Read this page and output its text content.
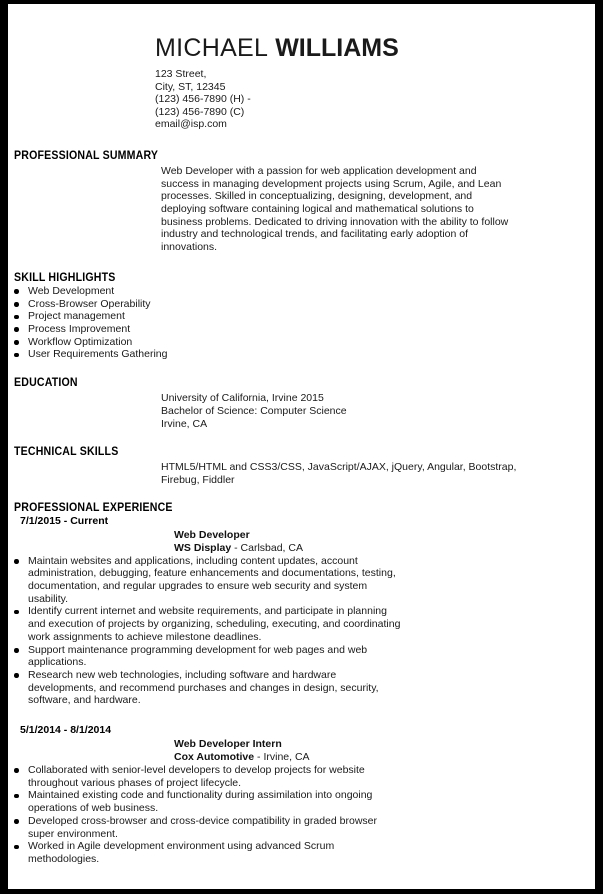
MICHAEL WILLIAMS
123 Street,
City, ST, 12345
(123) 456-7890 (H) -
(123) 456-7890 (C)
email@isp.com
PROFESSIONAL SUMMARY
Web Developer with a passion for web application development and
success in managing development projects using Scrum, Agile, and Lean
processes. Skilled in conceptualizing, designing, development, and
deploying software containing logical and mathematical solutions to
business problems. Dedicated to driving innovation with the ability to follow
industry and technological trends, and facilitating early adoption of
innovations.
SKILL HIGHLIGHTS
Web Development
Cross-Browser Operability
Project management
Process Improvement
Workflow Optimization
User Requirements Gathering
EDUCATION
University of California, Irvine 2015
Bachelor of Science: Computer Science
Irvine, CA
TECHNICAL SKILLS
HTML5/HTML and CSS3/CSS, JavaScript/AJAX, jQuery, Angular, Bootstrap,
Firebug, Fiddler
PROFESSIONAL EXPERIENCE
7/1/2015 - Current
Web Developer
WS Display - Carlsbad, CA
Maintain websites and applications, including content updates, account administration, debugging, feature enhancements and documentations, testing, documentation, and regular upgrades to ensure web security and system usability.
Identify current internet and website requirements, and participate in planning and execution of projects by organizing, scheduling, executing, and coordinating work assignments to achieve milestone deadlines.
Support maintenance programming development for web pages and web applications.
Research new web technologies, including software and hardware developments, and recommend purchases and changes in design, security, software, and hardware.
5/1/2014 - 8/1/2014
Web Developer Intern
Cox Automotive - Irvine, CA
Collaborated with senior-level developers to develop projects for website throughout various phases of project lifecycle.
Maintained existing code and functionality during assimilation into ongoing operations of web business.
Developed cross-browser and cross-device compatibility in graded browser super environment.
Worked in Agile development environment using advanced Scrum methodologies.
